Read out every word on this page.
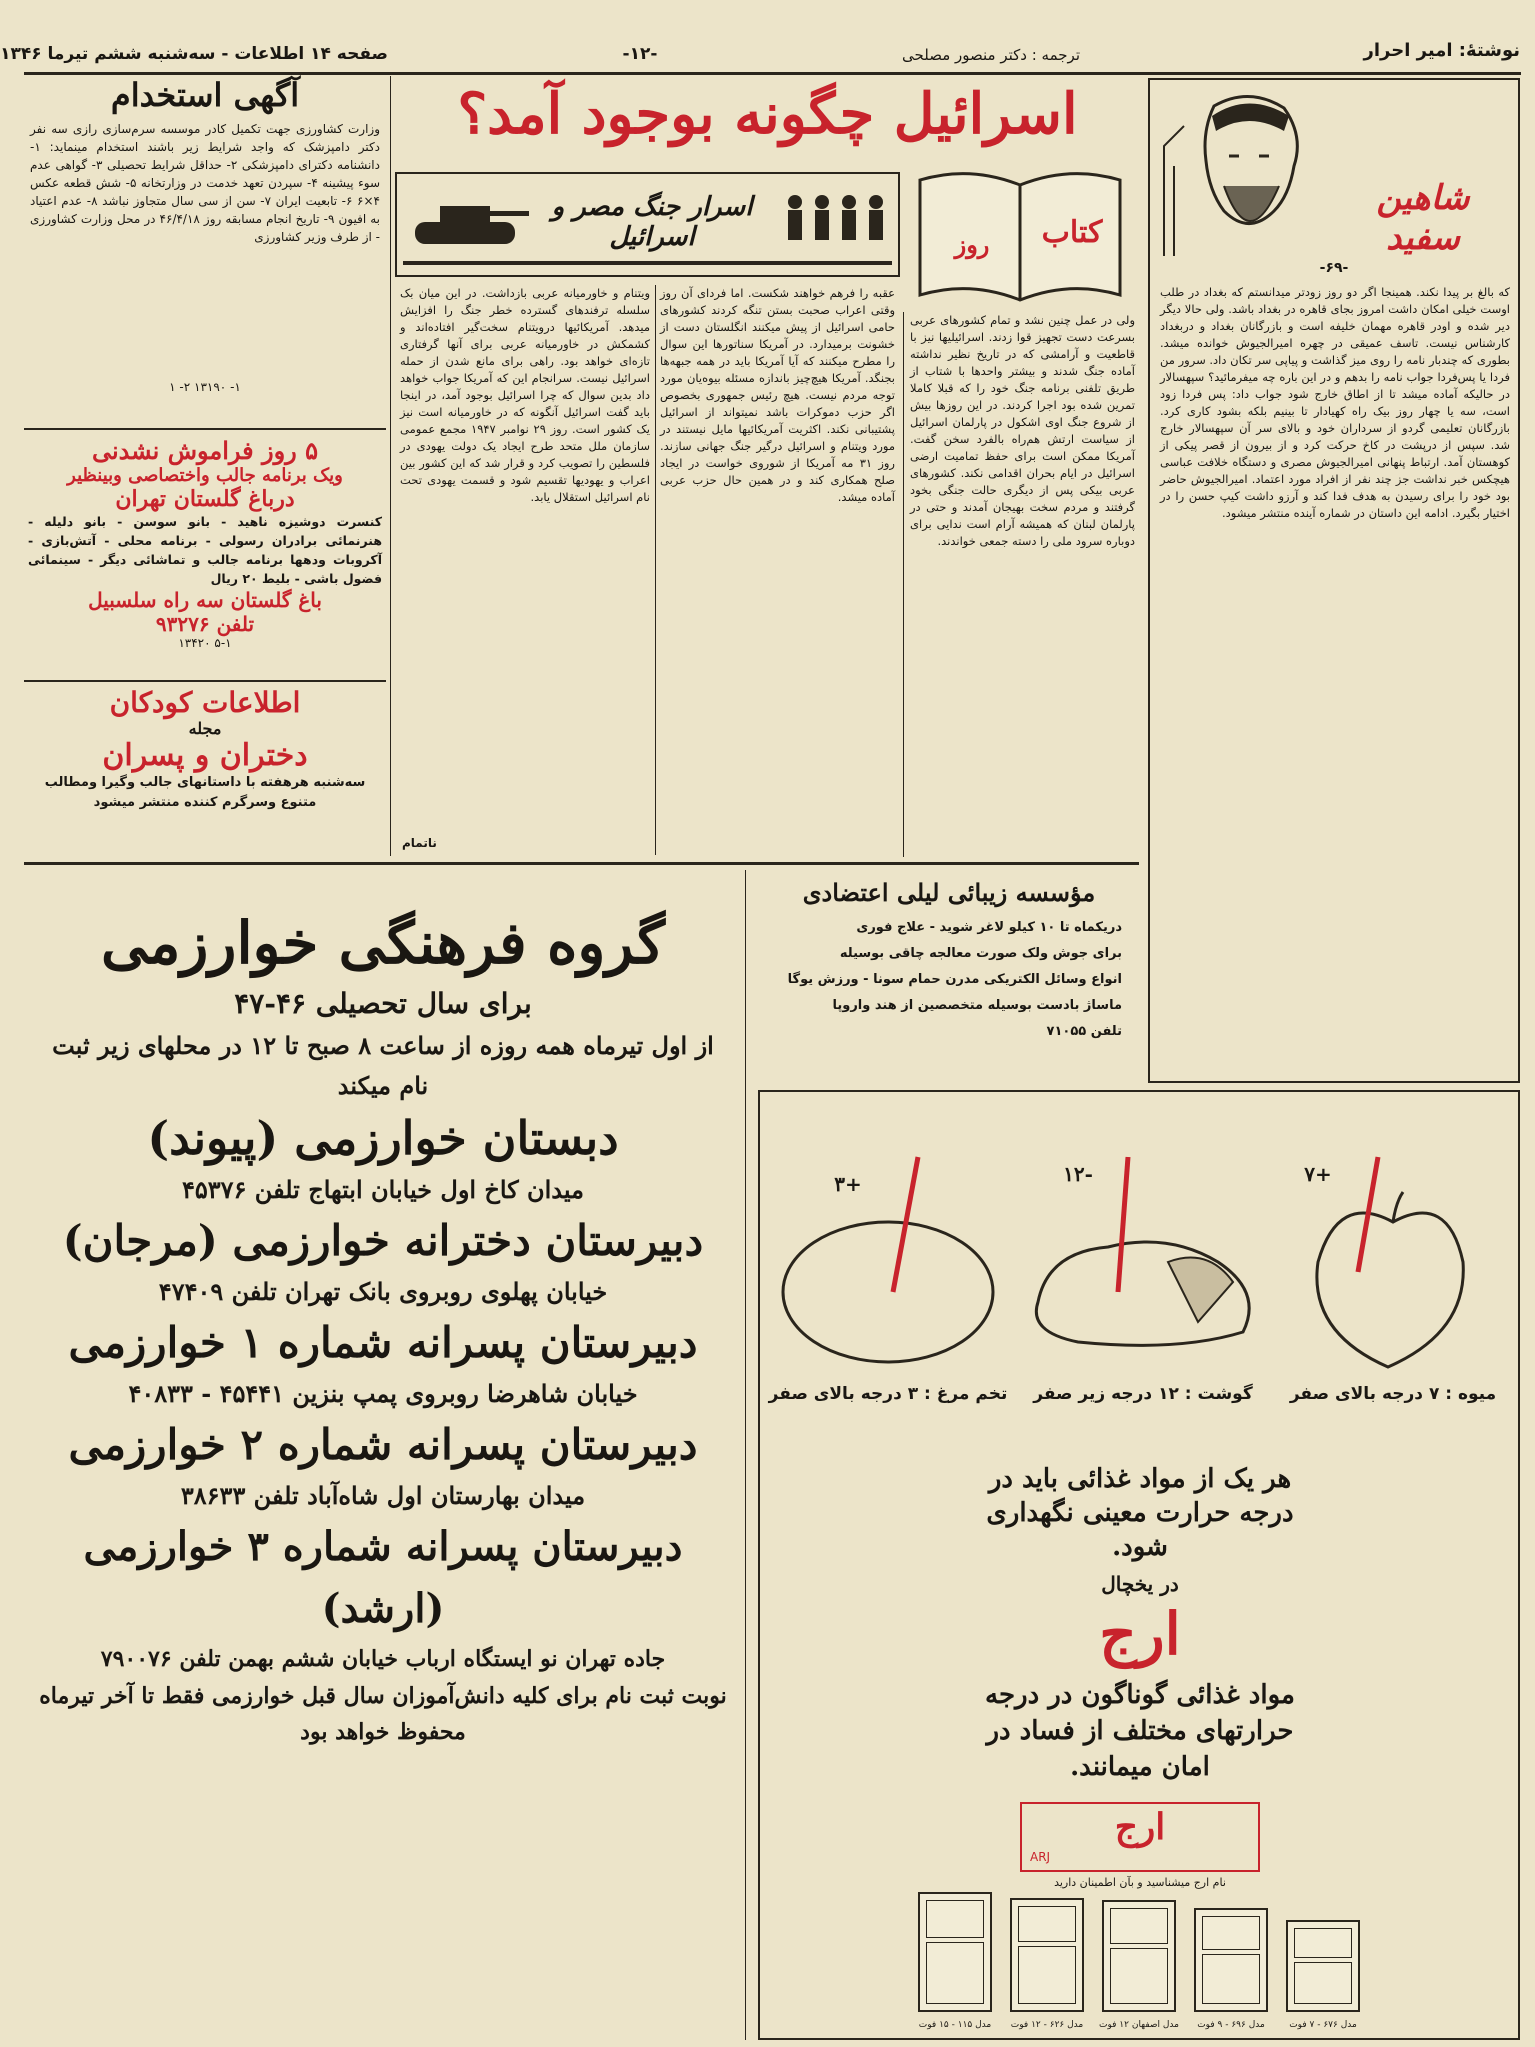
صفحه ۱۴ اطلاعات - سه‌شنبه ششم تیرما ۱۳۴۶	-۱۲-	ترجمه : دکتر منصور مصلحی	نوشتهٔ: امیر احرار
شاهین سفید
-۶۹-
که بالغ بر پیدا نکند. همینجا اگر دو روز زودتر میدانستم که بغداد در طلب اوست خیلی امکان داشت امروز بجای قاهره در بغداد باشد. ولی حالا دیگر دیر شده و اودر قاهره مهمان خلیفه است و بازرگانان بغداد و دربغداد کارشناس نیست. تاسف عمیقی در چهره امیرالجیوش خوانده میشد. بطوری که چندبار نامه را روی میز گذاشت و پیاپی سر تکان داد. سرور من فردا یا پس‌فردا جواب نامه را بدهم و در این باره چه میفرمائید؟ سپهسالار در حالیکه آماده میشد تا از اطاق خارج شود جواب داد: پس فردا زود است، سه یا چهار روز بیک راه کهیادار تا بینیم بلکه بشود کاری کرد. بازرگانان تعلیمی گردو از سرداران خود و بالای سر آن سپهسالار خارج شد. سپس از درپشت در کاخ حرکت کرد و از بیرون از قصر پیکی از کوهستان آمد. ارتباط پنهانی امیرالجیوش مصری و دستگاه خلافت عباسی هیچکس خبر نداشت جز چند نفر از افراد مورد اعتماد. امیرالجیوش حاضر بود خود را برای رسیدن به هدف فدا کند و آرزو داشت کیپ حسن را در اختیار بگیرد. ادامه این داستان در شماره آینده منتشر میشود.
اسرائیل چگونه بوجود آمد؟
کتاب
روز
اسرار جنگ مصر و اسرائیل
ولی در عمل چنین نشد و تمام کشورهای عربی بسرعت دست تجهیز قوا زدند. اسرائیلیها نیز با قاطعیت و آرامشی که در تاریخ نظیر نداشته آماده جنگ شدند و بیشتر واحدها با شتاب از طریق تلفنی برنامه جنگ خود را که قبلا کاملا تمرین شده بود اجرا کردند. در این روزها بیش از شروع جنگ اوی اشکول در پارلمان اسرائیل از سیاست ارتش هم‌راه بالفرد سخن گفت. آمریکا ممکن است برای حفظ تمامیت ارضی اسرائیل در ایام بحران اقدامی نکند. کشورهای عربی بیکی پس از دیگری حالت جنگی بخود گرفتند و مردم سخت بهیجان آمدند و حتی در پارلمان لبنان که همیشه آرام است ندایی برای دوباره سرود ملی را دسته جمعی خواندند.
عقبه را فرهم خواهند شکست. اما فردای آن روز وقتی اعراب صحبت بستن تنگه کردند کشورهای حامی اسرائیل از پیش میکنند انگلستان دست از خشونت برمیدارد. در آمریکا سناتورها این سوال را مطرح میکنند که آیا آمریکا باید در همه جبهه‌ها بجنگد. آمریکا هیچ‌چیز باندازه مسئله بیوه‌یان مورد توجه مردم نیست. هیچ رئیس جمهوری بخصوص اگر حزب دموکرات باشد نمیتواند از اسرائیل پشتیبانی نکند. اکثریت آمریکائیها مایل نیستند در مورد ویتنام و اسرائیل درگیر جنگ جهانی سازند. روز ۳۱ مه آمریکا از شوروی خواست در ایجاد صلح همکاری کند و در همین حال حزب عربی آماده میشد.
ویتنام و خاورمیانه عربی بازداشت. در این میان بک سلسله ترفندهای گسترده خطر جنگ را افزایش میدهد. آمریکائیها درویتنام سخت‌گیر افتاده‌اند و کشمکش در خاورمیانه عربی برای آنها گرفتاری تازه‌ای خواهد بود. راهی برای مانع شدن از حمله اسرائیل نیست. سرانجام این که آمریکا جواب خواهد داد بدین سوال که چرا اسرائیل بوجود آمد، در اینجا باید گفت اسرائیل آنگونه که در خاورمیانه است نیز یک کشور است. روز ۲۹ نوامبر ۱۹۴۷ مجمع عمومی سازمان ملل متحد طرح ایجاد یک دولت یهودی در فلسطین را تصویب کرد و قرار شد که این کشور بین اعراب و یهودیها تقسیم شود و قسمت یهودی تحت نام اسرائیل استقلال یابد.
ناتمام
آگهی استخدام
وزارت کشاورزی جهت تکمیل کادر موسسه سرم‌سازی رازی سه نفر دکتر دامپزشک که واجد شرایط زیر باشند استخدام مینماید: ۱- دانشنامه دکترای دامپزشکی ۲- حداقل شرایط تحصیلی ۳- گواهی عدم سوء پیشینه ۴- سپردن تعهد خدمت در وزارتخانه ۵- شش قطعه عکس ۴×۶ ۶- تابعیت ایران ۷- سن از سی سال متجاوز نباشد ۸- عدم اعتیاد به افیون ۹- تاریخ انجام مسابقه روز ۴۶/۴/۱۸ در محل وزارت کشاورزی - از طرف وزیر کشاورزی
۱- ۱۳۱۹۰ ۲- ۱
۵ روز فراموش نشدنی
ویک برنامه جالب واختصاصی وبینظیر
درباغ گلستان تهران
کنسرت دوشیزه ناهید - بانو سوسن - بانو دلیله - هنرنمائی برادران رسولی - برنامه محلی - آتش‌بازی - آکروبات ودهها برنامه جالب و تماشائی دیگر - سینمائی فضول باشی - بلیط ۲۰ ریال
باغ گلستان سه راه سلسبیل
تلفن ۹۳۲۷۶
۵-۱ ۱۳۴۲۰
اطلاعات کودکان
مجله
دختران و پسران
سه‌شنبه هرهفته با داستانهای جالب وگیرا ومطالب متنوع وسرگرم کننده منتشر میشود
مؤسسه زیبائی لیلی اعتضادی
دریکماه تا ۱۰ کیلو لاغر شوید - علاج فوری
برای جوش ولک صورت معالجه چاقی بوسیله
انواع وسائل الکتریکی مدرن حمام سونا - ورزش یوگا
ماساژ بادست بوسیله متخصصین از هند واروپا
تلفن ۷۱۰۵۵
گروه فرهنگی خوارزمی
برای سال تحصیلی ۴۶-۴۷
از اول تیرماه همه روزه از ساعت ۸ صبح تا ۱۲ در محلهای زیر ثبت نام میکند
دبستان خوارزمی (پیوند)
میدان کاخ اول خیابان ابتهاج تلفن ۴۵۳۷۶
دبیرستان دخترانه خوارزمی (مرجان)
خیابان پهلوی روبروی بانک تهران تلفن ۴۷۴۰۹
دبیرستان پسرانه شماره ۱ خوارزمی
خیابان شاهرضا روبروی پمپ بنزین ۴۵۴۴۱ - ۴۰۸۳۳
دبیرستان پسرانه شماره ۲ خوارزمی
میدان بهارستان اول شاه‌آباد تلفن ۳۸۶۳۳
دبیرستان پسرانه شماره ۳ خوارزمی (ارشد)
جاده تهران نو ایستگاه ارباب خیابان ششم بهمن تلفن ۷۹۰۰۷۶
نوبت ثبت نام برای کلیه دانش‌آموزان سال قبل خوارزمی فقط تا آخر تیرماه محفوظ خواهد بود
+۷
میوه : ۷ درجه بالای صفر
-۱۲
گوشت : ۱۲ درجه زیر صفر
+۳
تخم مرغ : ۳ درجه بالای صفر
هر یک از مواد غذائی باید در درجه حرارت معینی نگهداری شود.
در یخچال
ارج
مواد غذائی گوناگون در درجه حرارتهای مختلف از فساد در امان میمانند.
ارج
ARJ
نام ارج میشناسید و بآن اطمینان دارید
مدل ۶۷۶ - ۷ فوت
مدل ۶۹۶ - ۹ فوت
مدل اصفهان ۱۲ فوت
مدل ۶۲۶ - ۱۲ فوت
مدل ۱۱۵ - ۱۵ فوت
